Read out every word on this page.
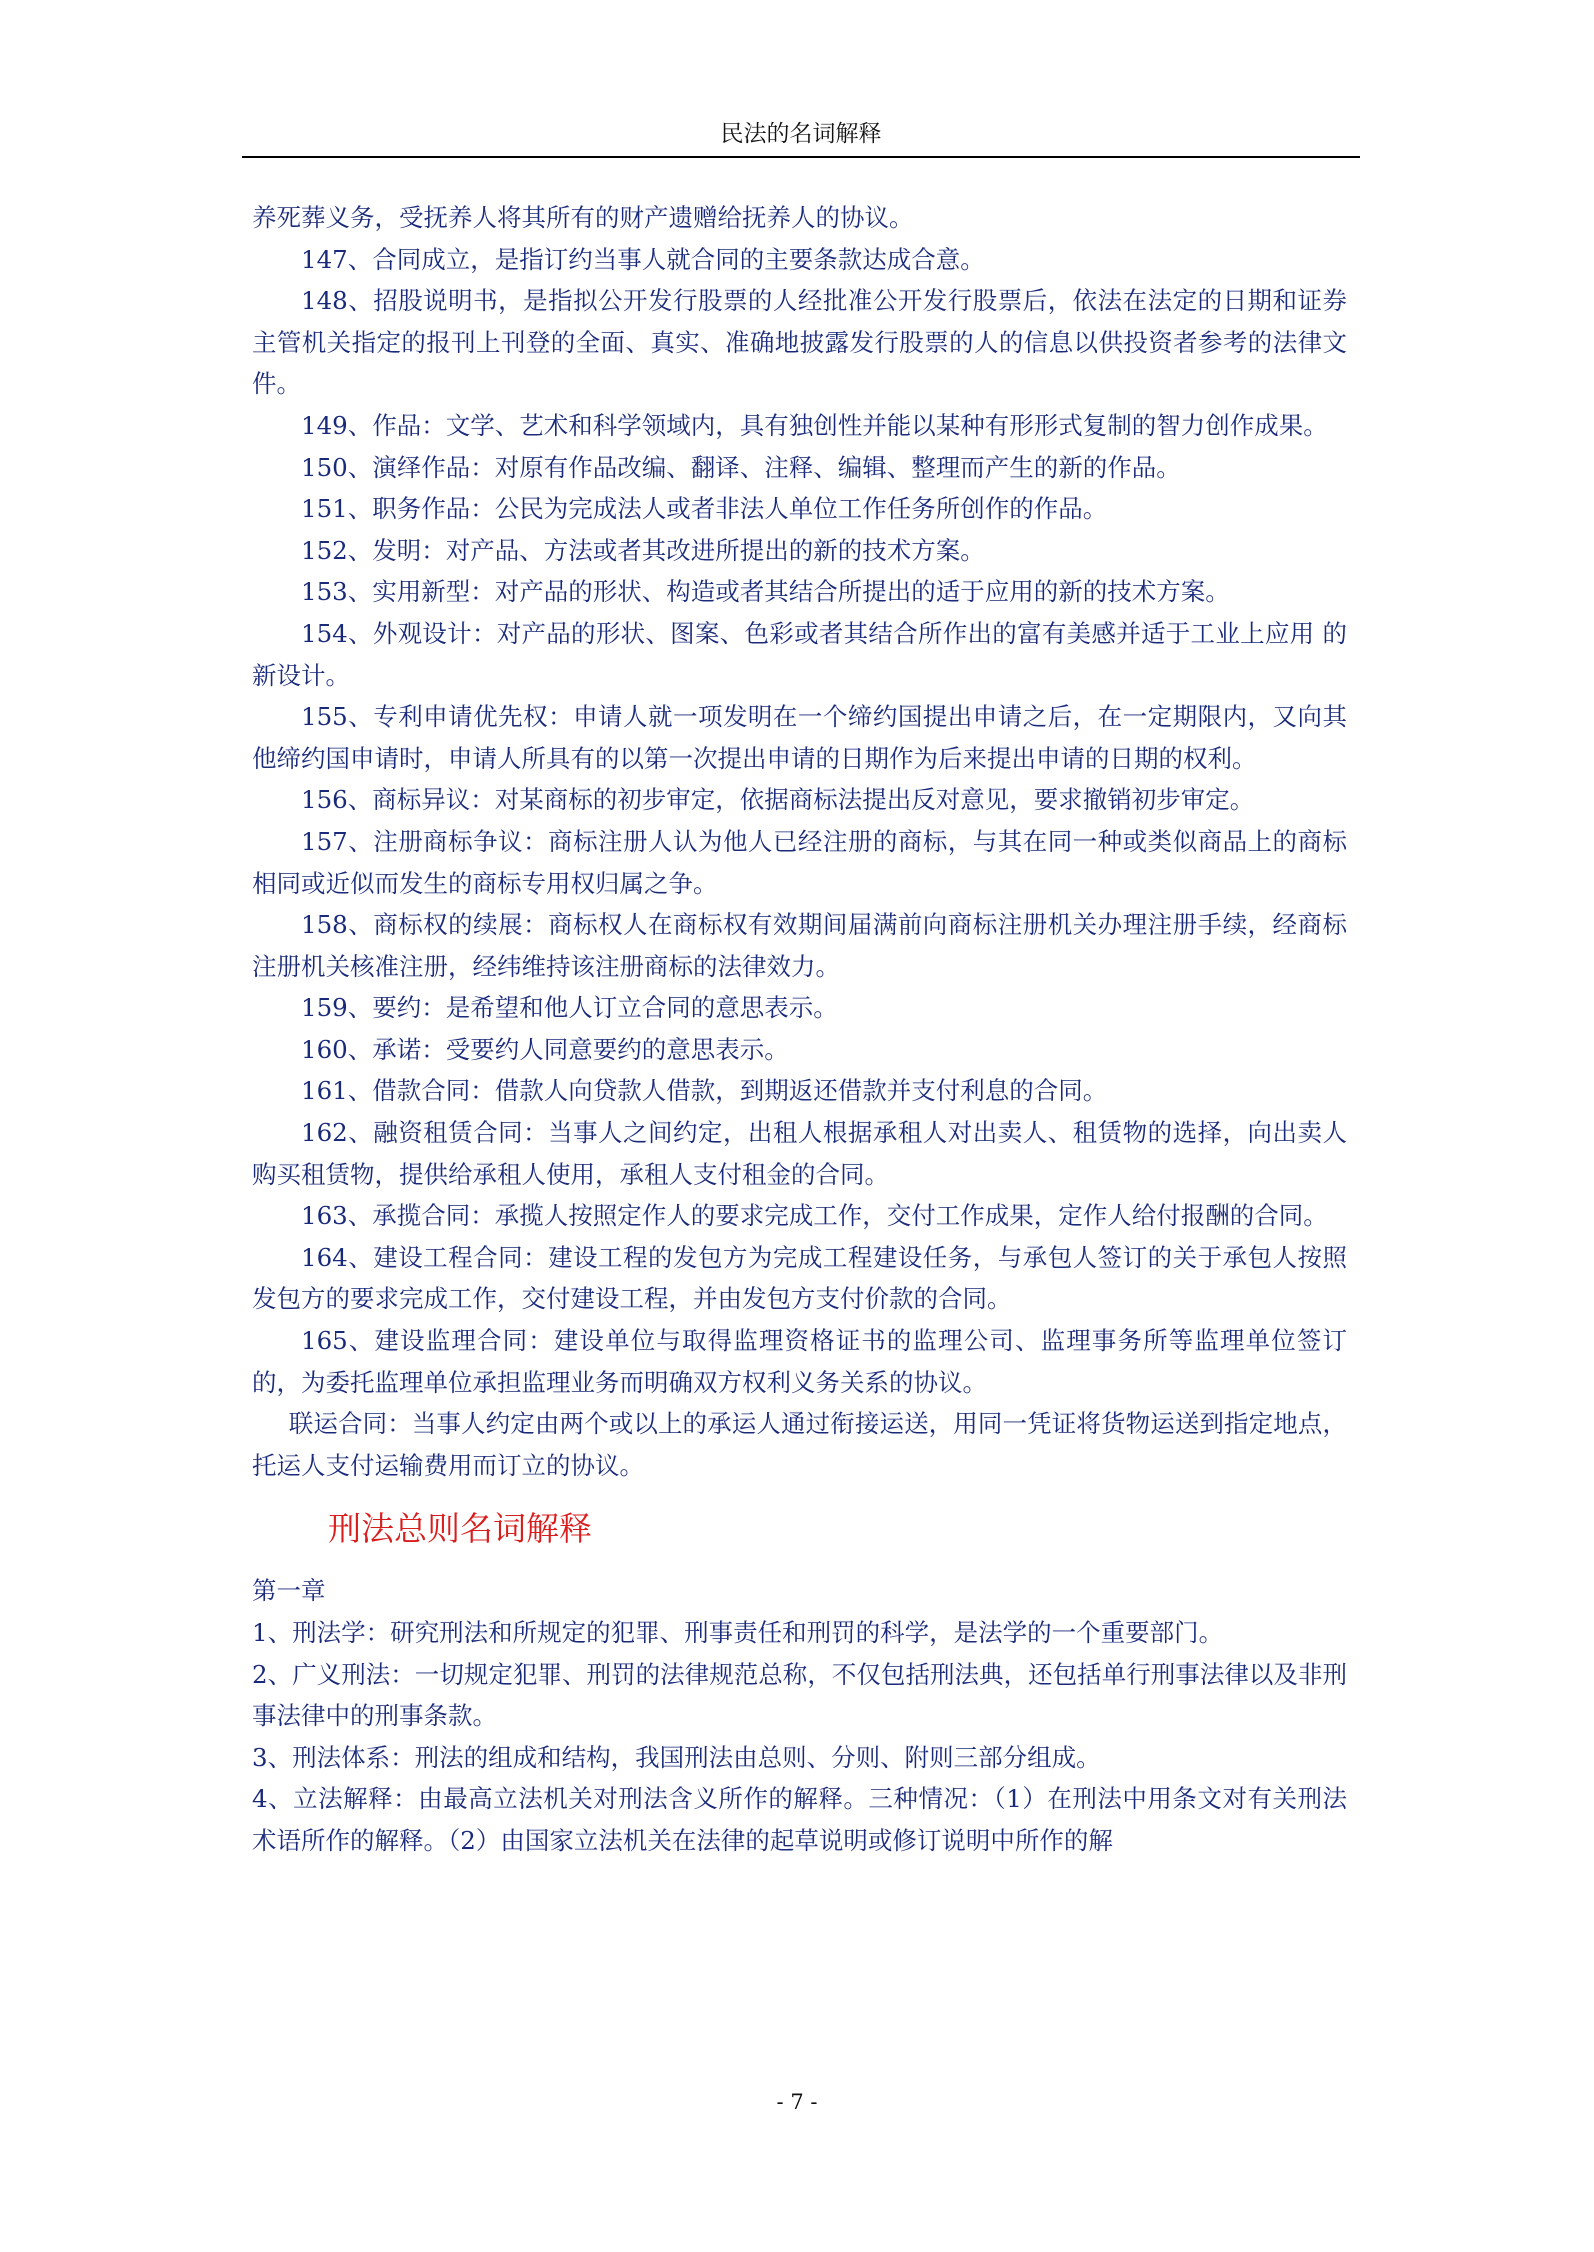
民法的名词解释

养死葬义务，受抚养人将其所有的财产遗赠给抚养人的协议。

147、合同成立，是指订约当事人就合同的主要条款达成合意。

148、招股说明书，是指拟公开发行股票的人经批准公开发行股票后，依法在法定的日期和证券主管机关指定的报刊上刊登的全面、真实、准确地披露发行股票的人的信息以供投资者参考的法律文件。

149、作品：文学、艺术和科学领域内，具有独创性并能以某种有形形式复制的智力创作成果。

150、演绎作品：对原有作品改编、翻译、注释、编辑、整理而产生的新的作品。

151、职务作品：公民为完成法人或者非法人单位工作任务所创作的作品。

152、发明：对产品、方法或者其改进所提出的新的技术方案。

153、实用新型：对产品的形状、构造或者其结合所提出的适于应用的新的技术方案。

154、外观设计：对产品的形状、图案、色彩或者其结合所作出的富有美感并适于工业上应用 的新设计。

155、专利申请优先权：申请人就一项发明在一个缔约国提出申请之后，在一定期限内，又向其他缔约国申请时，申请人所具有的以第一次提出申请的日期作为后来提出申请的日期的权利。

156、商标异议：对某商标的初步审定，依据商标法提出反对意见，要求撤销初步审定。

157、注册商标争议：商标注册人认为他人已经注册的商标，与其在同一种或类似商品上的商标相同或近似而发生的商标专用权归属之争。

158、商标权的续展：商标权人在商标权有效期间届满前向商标注册机关办理注册手续，经商标注册机关核准注册，经纬维持该注册商标的法律效力。

159、要约：是希望和他人订立合同的意思表示。

160、承诺：受要约人同意要约的意思表示。

161、借款合同：借款人向贷款人借款，到期返还借款并支付利息的合同。

162、融资租赁合同：当事人之间约定，出租人根据承租人对出卖人、租赁物的选择，向出卖人购买租赁物，提供给承租人使用，承租人支付租金的合同。

163、承揽合同：承揽人按照定作人的要求完成工作，交付工作成果，定作人给付报酬的合同。

164、建设工程合同：建设工程的发包方为完成工程建设任务，与承包人签订的关于承包人按照发包方的要求完成工作，交付建设工程，并由发包方支付价款的合同。

165、建设监理合同：建设单位与取得监理资格证书的监理公司、监理事务所等监理单位签订的，为委托监理单位承担监理业务而明确双方权利义务关系的协议。

联运合同：当事人约定由两个或以上的承运人通过衔接运送，用同一凭证将货物运送到指定地点，托运人支付运输费用而订立的协议。

刑法总则名词解释

第一章

1、刑法学：研究刑法和所规定的犯罪、刑事责任和刑罚的科学，是法学的一个重要部门。

2、广义刑法：一切规定犯罪、刑罚的法律规范总称，不仅包括刑法典，还包括单行刑事法律以及非刑事法律中的刑事条款。

3、刑法体系：刑法的组成和结构，我国刑法由总则、分则、附则三部分组成。

4、立法解释：由最高立法机关对刑法含义所作的解释。三种情况：（1）在刑法中用条文对有关刑法术语所作的解释。（2）由国家立法机关在法律的起草说明或修订说明中所作的解

- 7 -
